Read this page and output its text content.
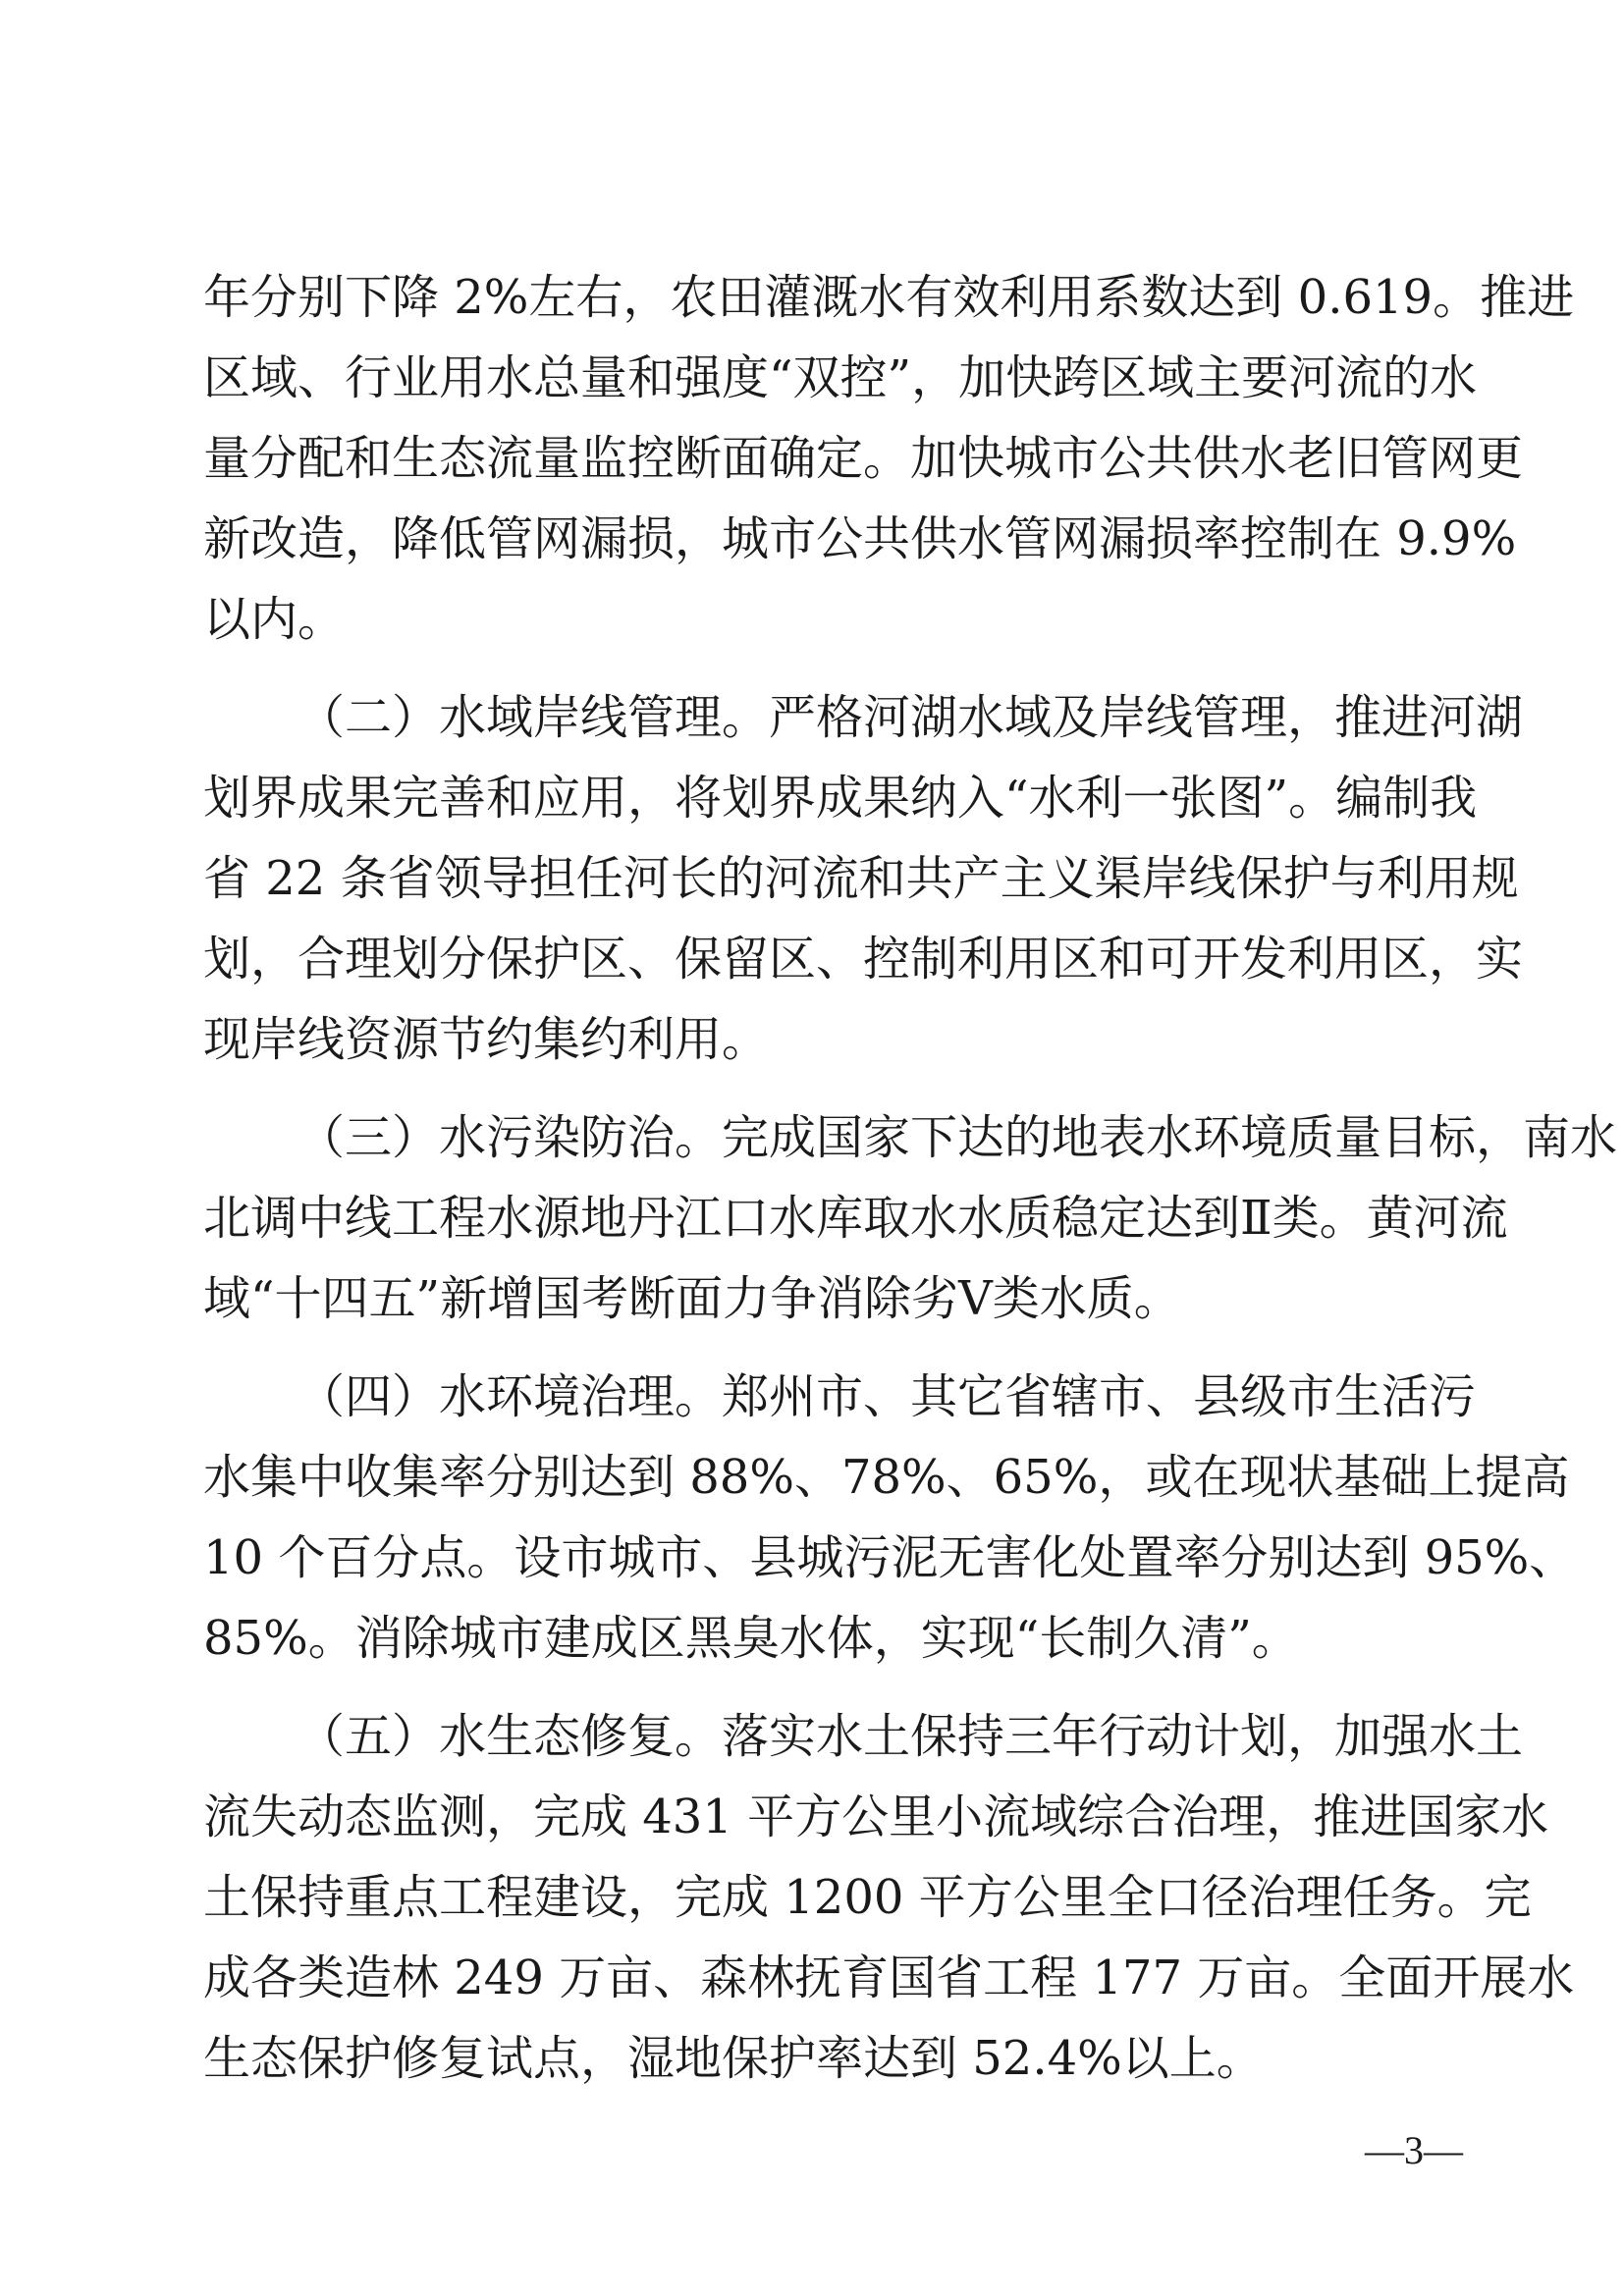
年分别下降 2%左右，农田灌溉水有效利用系数达到 0.619。推进
区域、行业用水总量和强度“双控”，加快跨区域主要河流的水
量分配和生态流量监控断面确定。加快城市公共供水老旧管网更
新改造，降低管网漏损，城市公共供水管网漏损率控制在 9.9%
以内。
（二）水域岸线管理。严格河湖水域及岸线管理，推进河湖
划界成果完善和应用，将划界成果纳入“水利一张图”。编制我
省 22 条省领导担任河长的河流和共产主义渠岸线保护与利用规
划，合理划分保护区、保留区、控制利用区和可开发利用区，实
现岸线资源节约集约利用。
（三）水污染防治。完成国家下达的地表水环境质量目标，南水
北调中线工程水源地丹江口水库取水水质稳定达到Ⅱ类。黄河流
域“十四五”新增国考断面力争消除劣Ⅴ类水质。
（四）水环境治理。郑州市、其它省辖市、县级市生活污
水集中收集率分别达到 88%、78%、65%，或在现状基础上提高
10 个百分点。设市城市、县城污泥无害化处置率分别达到 95%、
85%。消除城市建成区黑臭水体，实现“长制久清”。
（五）水生态修复。落实水土保持三年行动计划，加强水土
流失动态监测，完成 431 平方公里小流域综合治理，推进国家水
土保持重点工程建设，完成 1200 平方公里全口径治理任务。完
成各类造林 249 万亩、森林抚育国省工程 177 万亩。全面开展水
生态保护修复试点，湿地保护率达到 52.4%以上。
—3—
